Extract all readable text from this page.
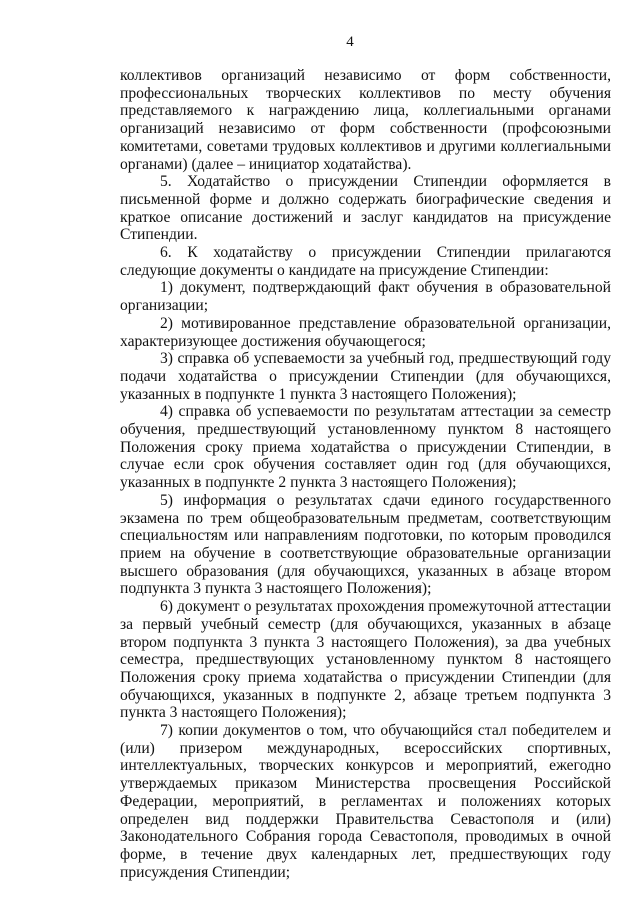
4

коллективов организаций независимо от форм собственности, профессиональных творческих коллективов по месту обучения представляемого к награждению лица, коллегиальными органами организаций независимо от форм собственности (профсоюзными комитетами, советами трудовых коллективов и другими коллегиальными органами) (далее – инициатор ходатайства).

5. Ходатайство о присуждении Стипендии оформляется в письменной форме и должно содержать биографические сведения и краткое описание достижений и заслуг кандидатов на присуждение Стипендии.

6. К ходатайству о присуждении Стипендии прилагаются следующие документы о кандидате на присуждение Стипендии:

1) документ, подтверждающий факт обучения в образовательной организации;

2) мотивированное представление образовательной организации, характеризующее достижения обучающегося;

3) справка об успеваемости за учебный год, предшествующий году подачи ходатайства о присуждении Стипендии (для обучающихся, указанных в подпункте 1 пункта 3 настоящего Положения);

4) справка об успеваемости по результатам аттестации за семестр обучения, предшествующий установленному пунктом 8 настоящего Положения сроку приема ходатайства о присуждении Стипендии, в случае если срок обучения составляет один год (для обучающихся, указанных в подпункте 2 пункта 3 настоящего Положения);

5) информация о результатах сдачи единого государственного экзамена по трем общеобразовательным предметам, соответствующим специальностям или направлениям подготовки, по которым проводился прием на обучение в соответствующие образовательные организации высшего образования (для обучающихся, указанных в абзаце втором подпункта 3 пункта 3 настоящего Положения);

6) документ о результатах прохождения промежуточной аттестации за первый учебный семестр (для обучающихся, указанных в абзаце втором подпункта 3 пункта 3 настоящего Положения), за два учебных семестра, предшествующих установленному пунктом 8 настоящего Положения сроку приема ходатайства о присуждении Стипендии (для обучающихся, указанных в подпункте 2, абзаце третьем подпункта 3 пункта 3 настоящего Положения);

7) копии документов о том, что обучающийся стал победителем и (или) призером международных, всероссийских спортивных, интеллектуальных, творческих конкурсов и мероприятий, ежегодно утверждаемых приказом Министерства просвещения Российской Федерации, мероприятий, в регламентах и положениях которых определен вид поддержки Правительства Севастополя и (или) Законодательного Собрания города Севастополя, проводимых в очной форме, в течение двух календарных лет, предшествующих году присуждения Стипендии;
